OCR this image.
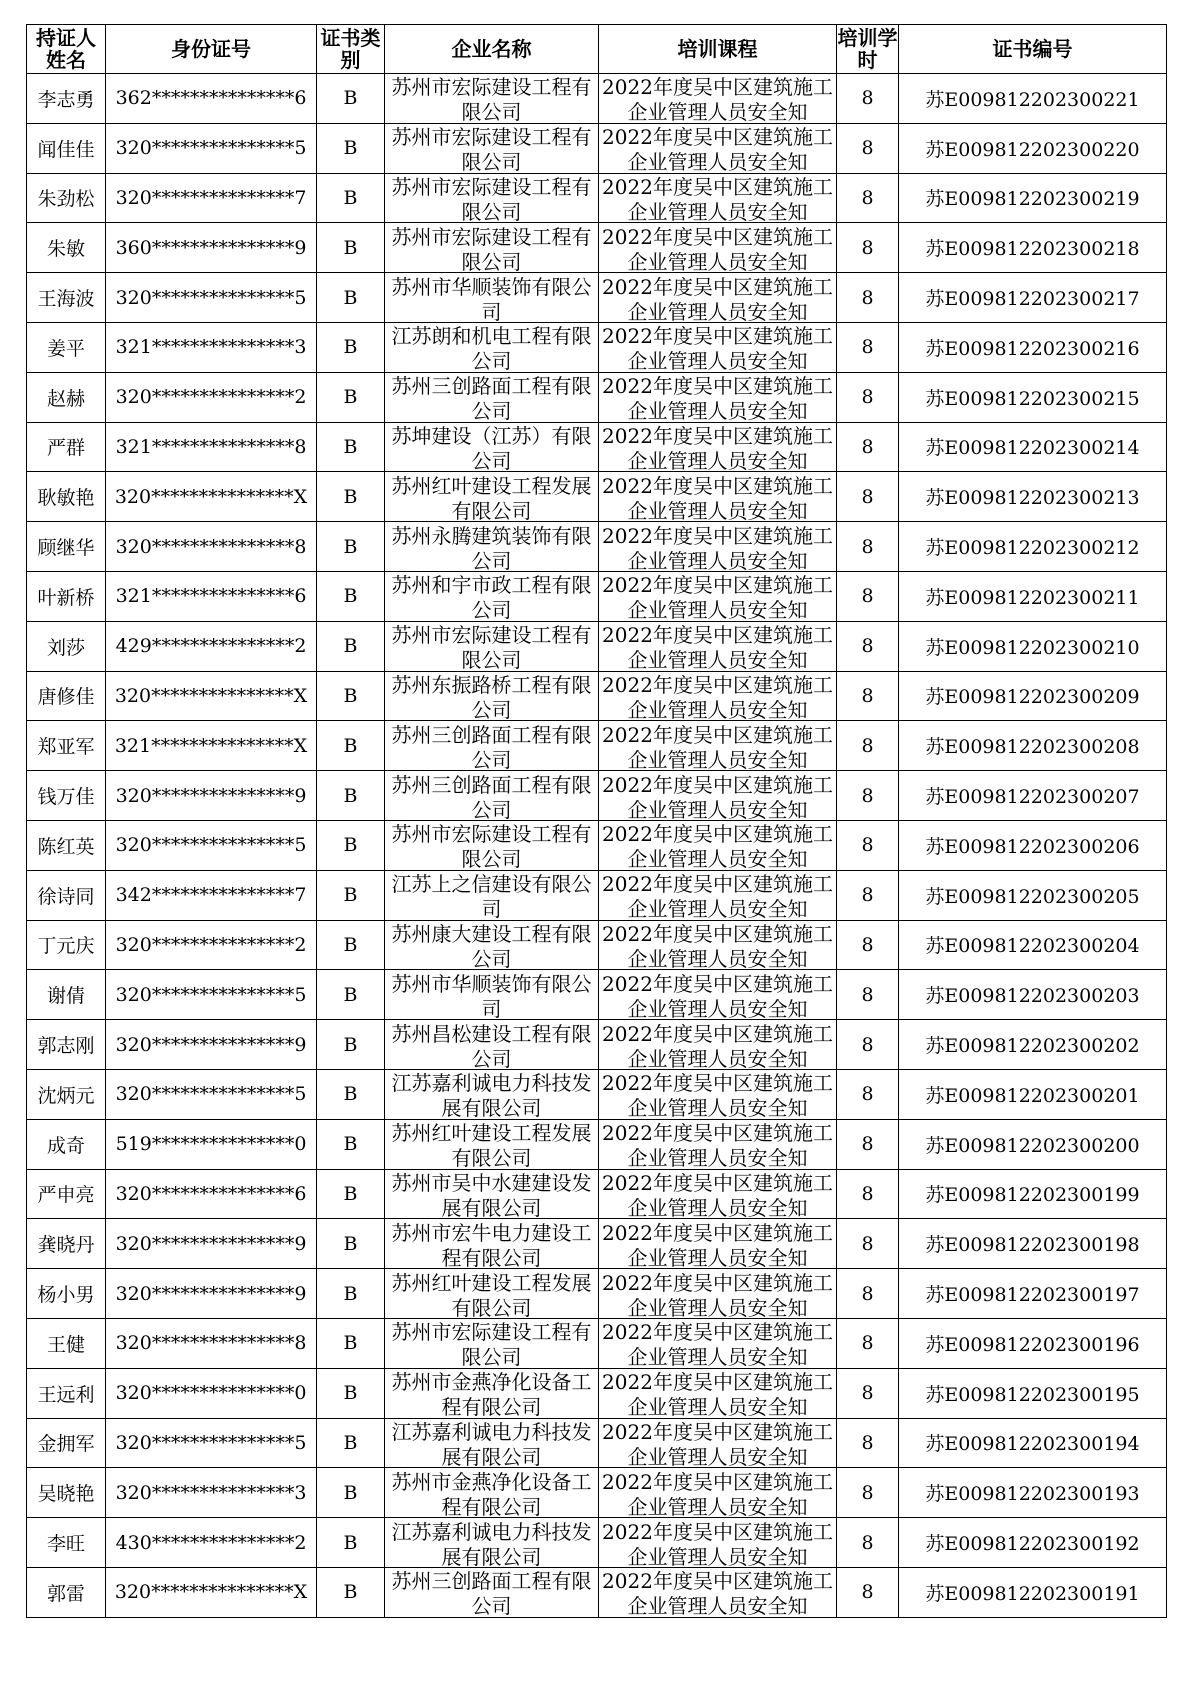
持证人姓名	身份证号	证书类别	企业名称	培训课程	培训学时	证书编号
李志勇	362***************6	B	苏州市宏际建设工程有限公司	2022年度吴中区建筑施工企业管理人员安全知	8	苏E009812202300221
闻佳佳	320***************5	B	苏州市宏际建设工程有限公司	2022年度吴中区建筑施工企业管理人员安全知	8	苏E009812202300220
朱劲松	320***************7	B	苏州市宏际建设工程有限公司	2022年度吴中区建筑施工企业管理人员安全知	8	苏E009812202300219
朱敏	360***************9	B	苏州市宏际建设工程有限公司	2022年度吴中区建筑施工企业管理人员安全知	8	苏E009812202300218
王海波	320***************5	B	苏州市华顺装饰有限公司	2022年度吴中区建筑施工企业管理人员安全知	8	苏E009812202300217
姜平	321***************3	B	江苏朗和机电工程有限公司	2022年度吴中区建筑施工企业管理人员安全知	8	苏E009812202300216
赵赫	320***************2	B	苏州三创路面工程有限公司	2022年度吴中区建筑施工企业管理人员安全知	8	苏E009812202300215
严群	321***************8	B	苏坤建设（江苏）有限公司	2022年度吴中区建筑施工企业管理人员安全知	8	苏E009812202300214
耿敏艳	320***************X	B	苏州红叶建设工程发展有限公司	2022年度吴中区建筑施工企业管理人员安全知	8	苏E009812202300213
顾继华	320***************8	B	苏州永腾建筑装饰有限公司	2022年度吴中区建筑施工企业管理人员安全知	8	苏E009812202300212
叶新桥	321***************6	B	苏州和宇市政工程有限公司	2022年度吴中区建筑施工企业管理人员安全知	8	苏E009812202300211
刘莎	429***************2	B	苏州市宏际建设工程有限公司	2022年度吴中区建筑施工企业管理人员安全知	8	苏E009812202300210
唐修佳	320***************X	B	苏州东振路桥工程有限公司	2022年度吴中区建筑施工企业管理人员安全知	8	苏E009812202300209
郑亚军	321***************X	B	苏州三创路面工程有限公司	2022年度吴中区建筑施工企业管理人员安全知	8	苏E009812202300208
钱万佳	320***************9	B	苏州三创路面工程有限公司	2022年度吴中区建筑施工企业管理人员安全知	8	苏E009812202300207
陈红英	320***************5	B	苏州市宏际建设工程有限公司	2022年度吴中区建筑施工企业管理人员安全知	8	苏E009812202300206
徐诗同	342***************7	B	江苏上之信建设有限公司	2022年度吴中区建筑施工企业管理人员安全知	8	苏E009812202300205
丁元庆	320***************2	B	苏州康大建设工程有限公司	2022年度吴中区建筑施工企业管理人员安全知	8	苏E009812202300204
谢倩	320***************5	B	苏州市华顺装饰有限公司	2022年度吴中区建筑施工企业管理人员安全知	8	苏E009812202300203
郭志刚	320***************9	B	苏州昌松建设工程有限公司	2022年度吴中区建筑施工企业管理人员安全知	8	苏E009812202300202
沈炳元	320***************5	B	江苏嘉利诚电力科技发展有限公司	2022年度吴中区建筑施工企业管理人员安全知	8	苏E009812202300201
成奇	519***************0	B	苏州红叶建设工程发展有限公司	2022年度吴中区建筑施工企业管理人员安全知	8	苏E009812202300200
严申亮	320***************6	B	苏州市吴中水建建设发展有限公司	2022年度吴中区建筑施工企业管理人员安全知	8	苏E009812202300199
龚晓丹	320***************9	B	苏州市宏牛电力建设工程有限公司	2022年度吴中区建筑施工企业管理人员安全知	8	苏E009812202300198
杨小男	320***************9	B	苏州红叶建设工程发展有限公司	2022年度吴中区建筑施工企业管理人员安全知	8	苏E009812202300197
王健	320***************8	B	苏州市宏际建设工程有限公司	2022年度吴中区建筑施工企业管理人员安全知	8	苏E009812202300196
王远利	320***************0	B	苏州市金燕净化设备工程有限公司	2022年度吴中区建筑施工企业管理人员安全知	8	苏E009812202300195
金拥军	320***************5	B	江苏嘉利诚电力科技发展有限公司	2022年度吴中区建筑施工企业管理人员安全知	8	苏E009812202300194
吴晓艳	320***************3	B	苏州市金燕净化设备工程有限公司	2022年度吴中区建筑施工企业管理人员安全知	8	苏E009812202300193
李旺	430***************2	B	江苏嘉利诚电力科技发展有限公司	2022年度吴中区建筑施工企业管理人员安全知	8	苏E009812202300192
郭雷	320***************X	B	苏州三创路面工程有限公司	2022年度吴中区建筑施工企业管理人员安全知	8	苏E009812202300191
